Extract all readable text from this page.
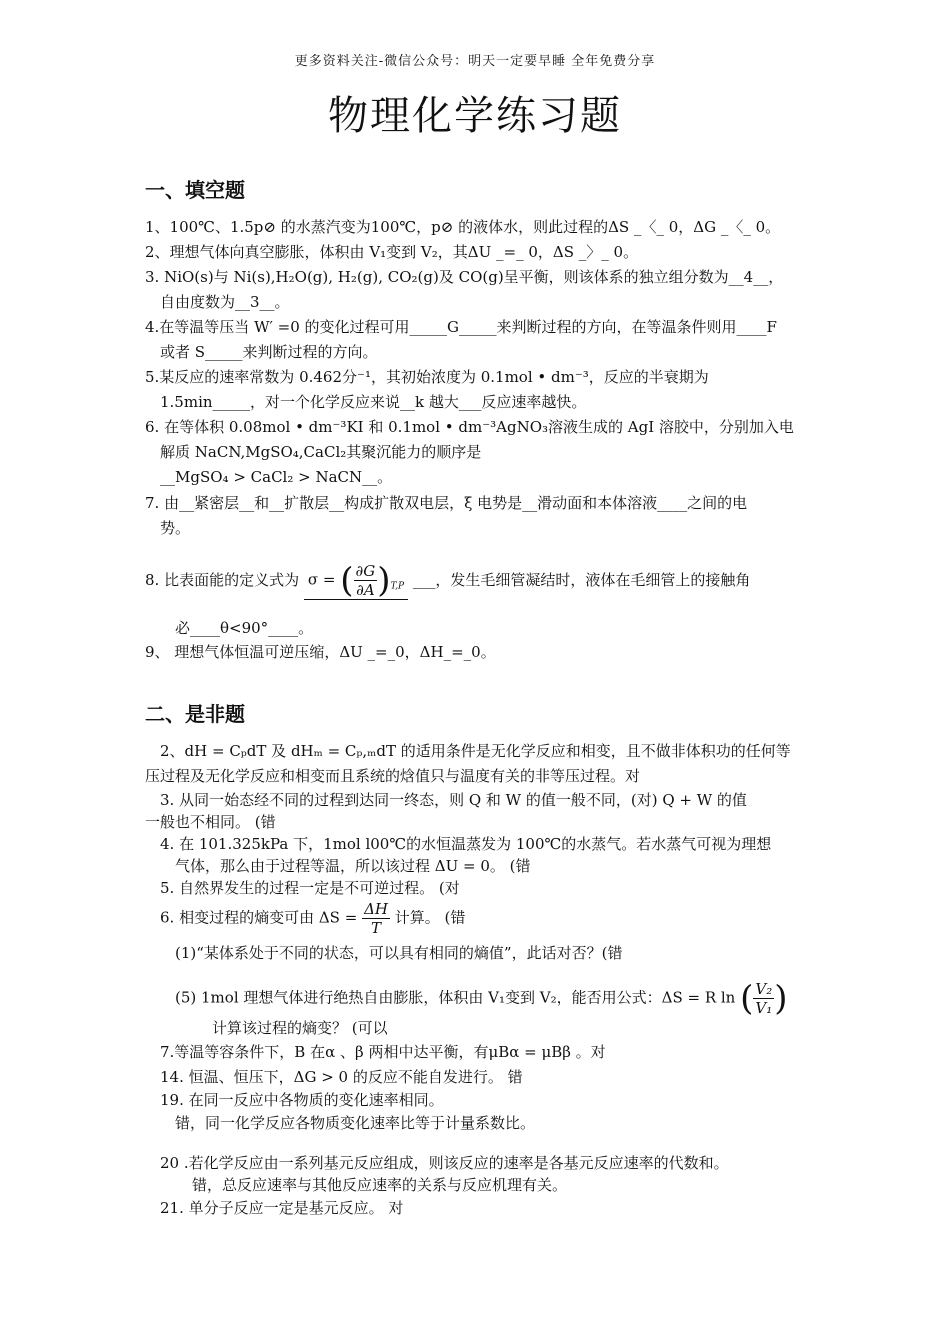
更多资料关注-微信公众号：明天一定要早睡 全年免费分享
物理化学练习题
一、填空题
1、100℃、1.5p⊘ 的水蒸汽变为100℃，p⊘ 的液体水，则此过程的ΔS _〈_ 0，ΔG _〈_ 0。
2、理想气体向真空膨胀，体积由 V₁变到 V₂，其ΔU _=_ 0，ΔS _〉_ 0。
3. NiO(s)与 Ni(s),H₂O(g), H₂(g), CO₂(g)及 CO(g)呈平衡，则该体系的独立组分数为__4__，
自由度数为__3__。
4.在等温等压当 W′ =0 的变化过程可用_____G_____来判断过程的方向，在等温条件则用____F
或者 S_____来判断过程的方向。
5.某反应的速率常数为 0.462分⁻¹，其初始浓度为 0.1mol • dm⁻³，反应的半衰期为
1.5min_____，对一个化学反应来说__k 越大___反应速率越快。
6. 在等体积 0.08mol • dm⁻³KI 和 0.1mol • dm⁻³AgNO₃溶液生成的 AgI 溶胶中，分别加入电
解质 NaCN,MgSO₄,CaCl₂其聚沉能力的顺序是
__MgSO₄ > CaCl₂ > NaCN__。
7. 由__紧密层__和__扩散层__构成扩散双电层，ξ 电势是__滑动面和本体溶液____之间的电
势。
8. 比表面能的定义式为 σ = ( $\frac{\partial G}{\partial A} )_{T,P}$ ___，发生毛细管凝结时，液体在毛细管上的接触角
必____θ<90°____。
9、 理想气体恒温可逆压缩，ΔU _=_0，ΔH_=_0。
二、是非题
2、dH = CₚdT 及 dHₘ = Cₚ,ₘdT 的适用条件是无化学反应和相变，且不做非体积功的任何等
压过程及无化学反应和相变而且系统的焓值只与温度有关的非等压过程。对
3. 从同一始态经不同的过程到达同一终态，则 Q 和 W 的值一般不同，(对) Q + W 的值
一般也不相同。 (错
4. 在 101.325kPa 下，1mol l00℃的水恒温蒸发为 100℃的水蒸气。若水蒸气可视为理想
气体，那么由于过程等温，所以该过程 ΔU = 0。 (错
5. 自然界发生的过程一定是不可逆过程。 (对
6. 相变过程的熵变可由 $\Delta S = \frac{\Delta H}{T}$ 计算。 (错
(1)“某体系处于不同的状态，可以具有相同的熵值”，此话对否？(错
(5) 1mol 理想气体进行绝热自由膨胀，体积由 V₁变到 V₂，能否用公式：ΔS = R ln ( $\frac{\text{V₂}}{\text{V₁}}$ )
计算该过程的熵变？ (可以
7.等温等容条件下，B 在α 、β 两相中达平衡，有μBα = μBβ 。对
14. 恒温、恒压下，ΔG > 0 的反应不能自发进行。 错
19. 在同一反应中各物质的变化速率相同。
错，同一化学反应各物质变化速率比等于计量系数比。
20 .若化学反应由一系列基元反应组成，则该反应的速率是各基元反应速率的代数和。
错，总反应速率与其他反应速率的关系与反应机理有关。
21. 单分子反应一定是基元反应。 对
